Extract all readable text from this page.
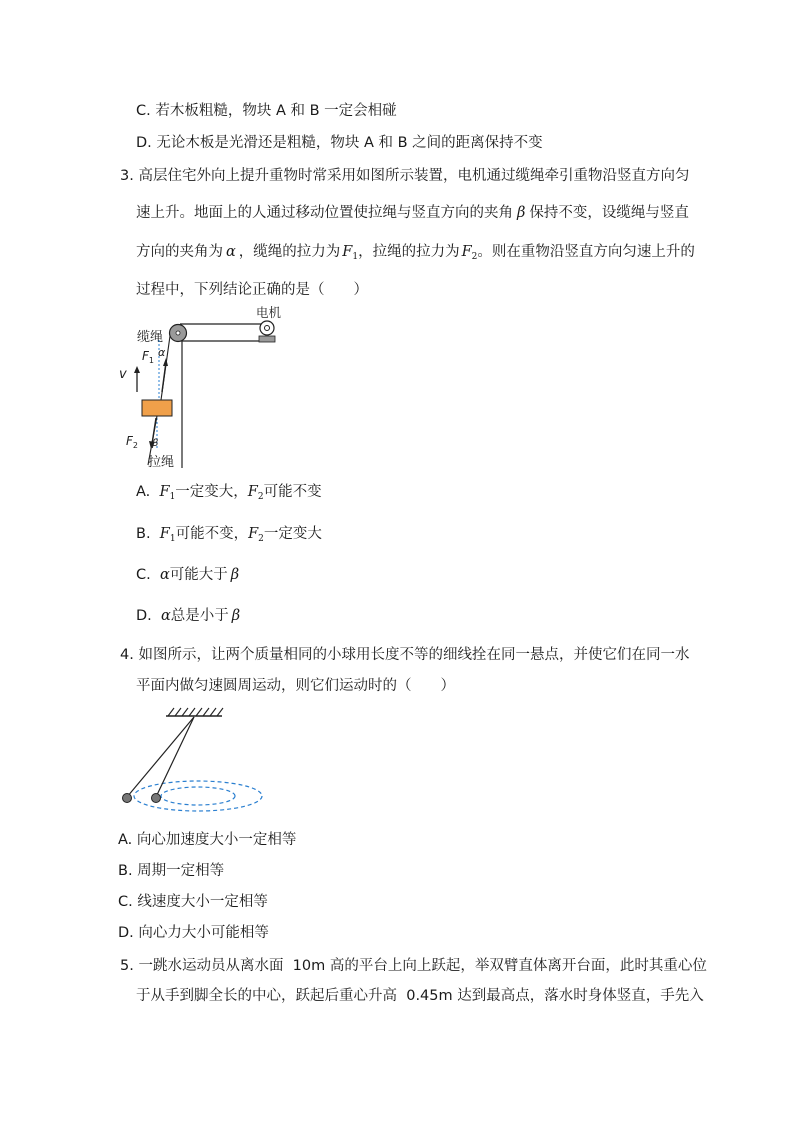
C. 若木板粗糙，物块 A 和 B 一定会相碰
D. 无论木板是光滑还是粗糙，物块 A 和 B 之间的距离保持不变
3. 高层住宅外向上提升重物时常采用如图所示装置，电机通过缆绳牵引重物沿竖直方向匀
速上升。地面上的人通过移动位置使拉绳与竖直方向的夹角 β 保持不变，设缆绳与竖直
方向的夹角为 α ，缆绳的拉力为 $F_1$，拉绳的拉力为 $F_2$。则在重物沿竖直方向匀速上升的
过程中，下列结论正确的是（　　）
电机
缆绳
$F_1$
α
v
$F_2$ β
拉绳
A. $F_1$一定变大，$F_2$可能不变
B. $F_1$可能不变，$F_2$一定变大
C. α可能大于 β
D. α总是小于 β
4. 如图所示，让两个质量相同的小球用长度不等的细线拴在同一悬点，并使它们在同一水
平面内做匀速圆周运动，则它们运动时的（　　）
A. 向心加速度大小一定相等
B. 周期一定相等
C. 线速度大小一定相等
D. 向心力大小可能相等
5. 一跳水运动员从离水面 10m 高的平台上向上跃起，举双臂直体离开台面，此时其重心位
于从手到脚全长的中心，跃起后重心升高 0.45m 达到最高点，落水时身体竖直，手先入
